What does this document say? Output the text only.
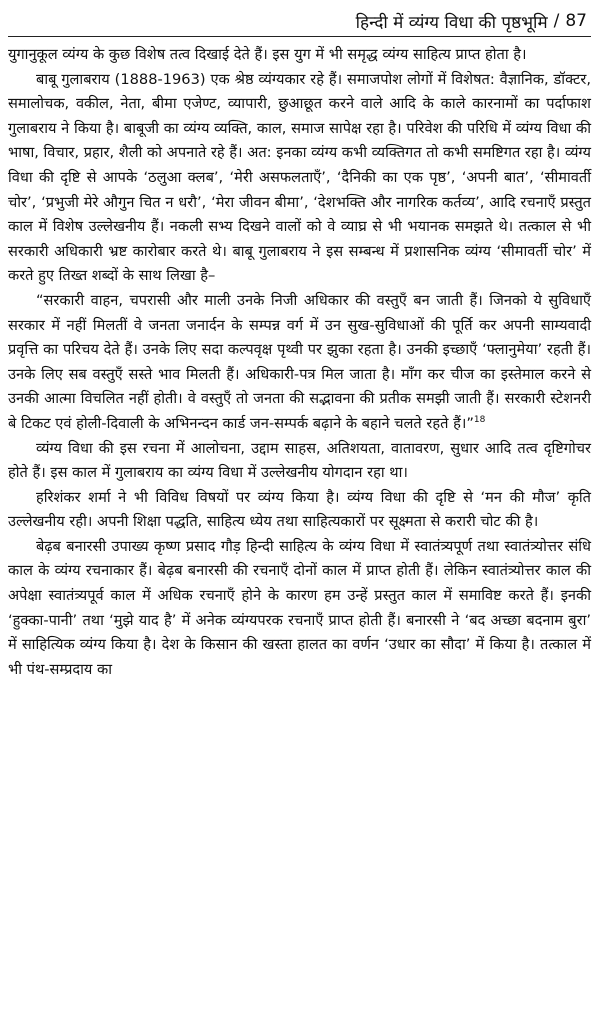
हिन्दी में व्यंग्य विधा की पृष्ठभूमि / 87

युगानुकूल व्यंग्य के कुछ विशेष तत्व दिखाई देते हैं। इस युग में भी समृद्ध व्यंग्य साहित्य प्राप्त होता है।

बाबू गुलाबराय (1888-1963) एक श्रेष्ठ व्यंग्यकार रहे हैं। समाजपोश लोगों में विशेषत: वैज्ञानिक, डॉक्टर, समालोचक, वकील, नेता, बीमा एजेण्ट, व्यापारी, छुआछूत करने वाले आदि के काले कारनामों का पर्दाफाश गुलाबराय ने किया है। बाबूजी का व्यंग्य व्यक्ति, काल, समाज सापेक्ष रहा है। परिवेश की परिधि में व्यंग्य विधा की भाषा, विचार, प्रहार, शैली को अपनाते रहे हैं। अत: इनका व्यंग्य कभी व्यक्तिगत तो कभी समष्टिगत रहा है। व्यंग्य विधा की दृष्टि से आपके ‘ठलुआ क्लब’, ‘मेरी असफलताएँ’, ‘दैनिकी का एक पृष्ठ’, ‘अपनी बात’, ‘सीमावर्ती चोर’, ‘प्रभुजी मेरे औगुन चित न धरौ’, ‘मेरा जीवन बीमा’, ‘देशभक्ति और नागरिक कर्तव्य’, आदि रचनाएँ प्रस्तुत काल में विशेष उल्लेखनीय हैं। नकली सभ्य दिखने वालों को वे व्याघ्र से भी भयानक समझते थे। तत्काल से भी सरकारी अधिकारी भ्रष्ट कारोबार करते थे। बाबू गुलाबराय ने इस सम्बन्ध में प्रशासनिक व्यंग्य ‘सीमावर्ती चोर’ में करते हुए तिख्त शब्दों के साथ लिखा है–

“सरकारी वाहन, चपरासी और माली उनके निजी अधिकार की वस्तुएँ बन जाती हैं। जिनको ये सुविधाएँ सरकार में नहीं मिलतीं वे जनता जनार्दन के सम्पन्न वर्ग में उन सुख-सुविधाओं की पूर्ति कर अपनी साम्यवादी प्रवृत्ति का परिचय देते हैं। उनके लिए सदा कल्पवृक्ष पृथ्वी पर झुका रहता है। उनकी इच्छाएँ ‘फ्लानुमेया’ रहती हैं। उनके लिए सब वस्तुएँ सस्ते भाव मिलती हैं। अधिकारी-पत्र मिल जाता है। माँग कर चीज का इस्तेमाल करने से उनकी आत्मा विचलित नहीं होती। वे वस्तुएँ तो जनता की सद्भावना की प्रतीक समझी जाती हैं। सरकारी स्टेशनरी बे टिकट एवं होली-दिवाली के अभिनन्दन कार्ड जन-सम्पर्क बढ़ाने के बहाने चलते रहते हैं।”$^{18}$

व्यंग्य विधा की इस रचना में आलोचना, उद्दाम साहस, अतिशयता, वातावरण, सुधार आदि तत्व दृष्टिगोचर होते हैं। इस काल में गुलाबराय का व्यंग्य विधा में उल्लेखनीय योगदान रहा था।

हरिशंकर शर्मा ने भी विविध विषयों पर व्यंग्य किया है। व्यंग्य विधा की दृष्टि से ‘मन की मौज’ कृति उल्लेखनीय रही। अपनी शिक्षा पद्धति, साहित्य ध्येय तथा साहित्यकारों पर सूक्ष्मता से करारी चोट की है।

बेढ़ब बनारसी उपाख्य कृष्ण प्रसाद गौड़ हिन्दी साहित्य के व्यंग्य विधा में स्वातंत्र्यपूर्ण तथा स्वातंत्र्योत्तर संधि काल के व्यंग्य रचनाकार हैं। बेढ़ब बनारसी की रचनाएँ दोनों काल में प्राप्त होती हैं। लेकिन स्वातंत्र्योत्तर काल की अपेक्षा स्वातंत्र्यपूर्व काल में अधिक रचनाएँ होने के कारण हम उन्हें प्रस्तुत काल में समाविष्ट करते हैं। इनकी ‘हुक्का-पानी’ तथा ‘मुझे याद है’ में अनेक व्यंग्यपरक रचनाएँ प्राप्त होती हैं। बनारसी ने ‘बद अच्छा बदनाम बुरा’ में साहित्यिक व्यंग्य किया है। देश के किसान की खस्ता हालत का वर्णन ‘उधार का सौदा’ में किया है। तत्काल में भी पंथ-सम्प्रदाय का
